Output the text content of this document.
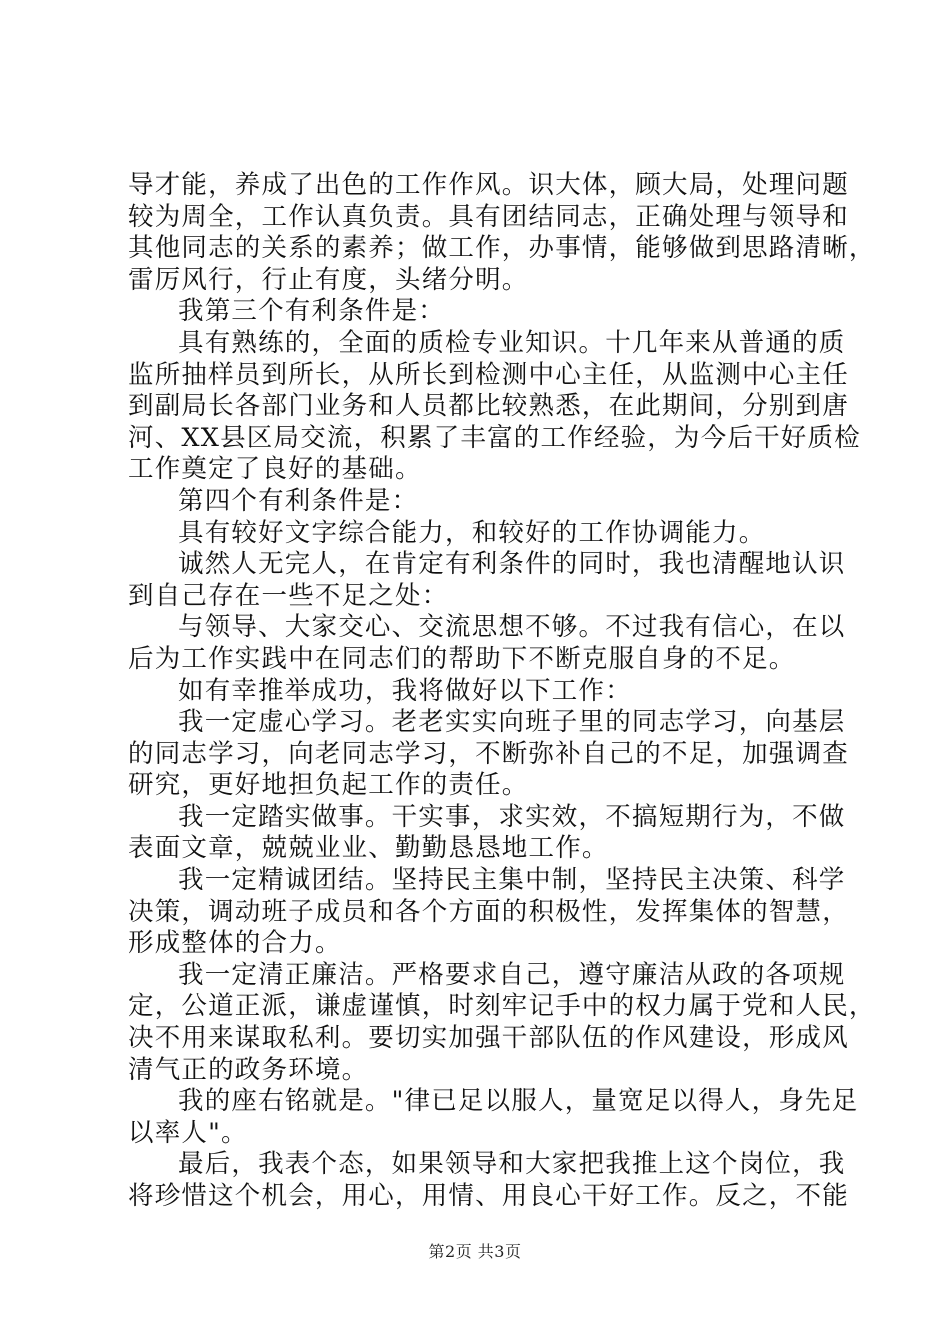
导才能，养成了出色的工作作风。识大体，顾大局，处理问题
较为周全，工作认真负责。具有团结同志，正确处理与领导和
其他同志的关系的素养；做工作，办事情，能够做到思路清晰，
雷厉风行，行止有度，头绪分明。
我第三个有利条件是：
具有熟练的，全面的质检专业知识。十几年来从普通的质
监所抽样员到所长，从所长到检测中心主任，从监测中心主任
到副局长各部门业务和人员都比较熟悉，在此期间，分别到唐
河、XX县区局交流，积累了丰富的工作经验，为今后干好质检
工作奠定了良好的基础。
第四个有利条件是：
具有较好文字综合能力，和较好的工作协调能力。
诚然人无完人，在肯定有利条件的同时，我也清醒地认识
到自己存在一些不足之处：
与领导、大家交心、交流思想不够。不过我有信心，在以
后为工作实践中在同志们的帮助下不断克服自身的不足。
如有幸推举成功，我将做好以下工作：
我一定虚心学习。老老实实向班子里的同志学习，向基层
的同志学习，向老同志学习，不断弥补自己的不足，加强调查
研究，更好地担负起工作的责任。
我一定踏实做事。干实事，求实效，不搞短期行为，不做
表面文章，兢兢业业、勤勤恳恳地工作。
我一定精诚团结。坚持民主集中制，坚持民主决策、科学
决策，调动班子成员和各个方面的积极性，发挥集体的智慧，
形成整体的合力。
我一定清正廉洁。严格要求自己，遵守廉洁从政的各项规
定，公道正派，谦虚谨慎，时刻牢记手中的权力属于党和人民，
决不用来谋取私利。要切实加强干部队伍的作风建设，形成风
清气正的政务环境。
我的座右铭就是。"律已足以服人，量宽足以得人，身先足
以率人"。
最后，我表个态，如果领导和大家把我推上这个岗位，我
将珍惜这个机会，用心，用情、用良心干好工作。反之，不能
第2页 共3页
